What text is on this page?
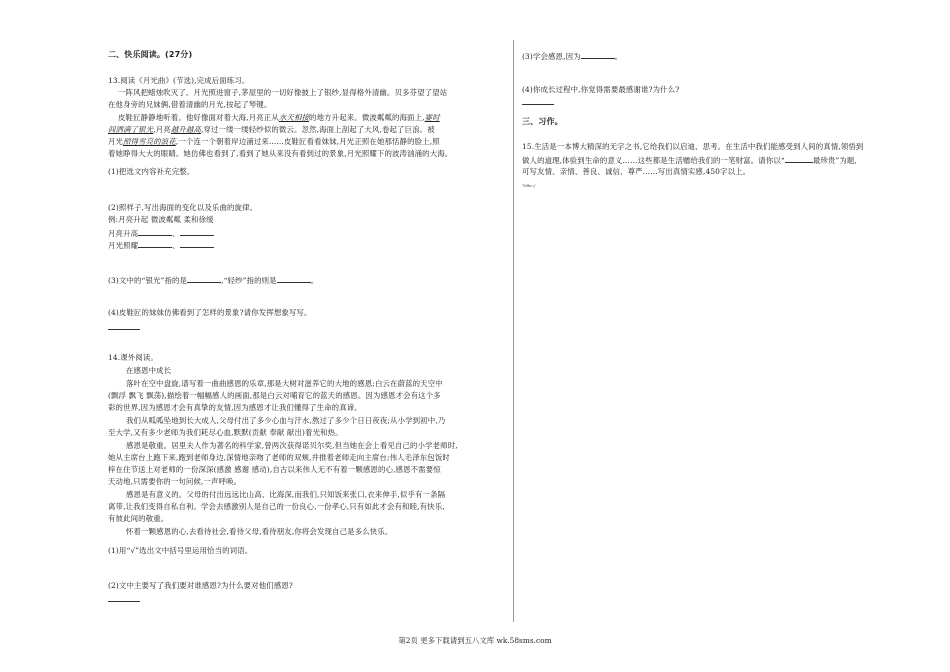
二、快乐阅读。(27分)
13.阅读《月光曲》(节选),完成后面练习。
一阵风把蜡烛吹灭了。月光照进窗子,茅屋里的一切好像披上了银纱,显得格外清幽。贝多芬望了望站
在他身旁的兄妹俩,借着清幽的月光,按起了琴键。
皮鞋匠静静地听着。他好像面对着大海,月亮正从水天相接的地方升起来。微波粼粼的海面上,霎时
间洒满了银光,月亮越升越高,穿过一缕一缕轻纱似的微云。忽然,海面上刮起了大风,卷起了巨浪。被
月光照得雪亮的浪花,一个连一个朝着岸边涌过来……皮鞋匠看看妹妹,月光正照在她那恬静的脸上,照
着她睁得大大的眼睛。她仿佛也看到了,看到了她从来没有看到过的景象,月光照耀下的波涛汹涌的大海。
(1)把选文内容补充完整。
(2)照样子,写出海面的变化以及乐曲的旋律。
例:月亮升起 微波粼粼 柔和徐缓
月亮升高	、
月光照耀	、
(3)文中的“银光”指的是	,“轻纱”指的则是	。
(4)皮鞋匠的妹妹仿佛看到了怎样的景象?请你发挥想象写写。
14.课外阅读。
在感恩中成长
落叶在空中盘旋,谱写着一曲曲感恩的乐章,那是大树对滋养它的大地的感恩;白云在蔚蓝的天空中
(飘浮 飘飞 飘荡),描绘着一幅幅感人的画面,那是白云对哺育它的蓝天的感恩。因为感恩才会有这个多
彩的世界,因为感恩才会有真挚的友情,因为感恩才让我们懂得了生命的真谛。
我们从呱呱坠地到长大成人,父母付出了多少心血与汗水,熬过了多少个日日夜夜;从小学到初中,乃
至大学,又有多少老师为我们耗尽心血,默默(贡献 奉献 献出)着光和热。
感恩是敬重。居里夫人作为著名的科学家,曾两次获得诺贝尔奖,但当她在会上看见自己的小学老师时,
她从主席台上跑下来,跑到老师身边,深情地亲吻了老师的双颊,并推着老师走向主席台;伟人毛泽东包饭时
梓在住节送上对老师的一份深深(感激 感谢 感动),自古以来伟人无不有着一颗感恩的心,感恩不需要惊
天动地,只需要你的一句问候,一声呼唤。
感恩是有意义的。父母的付出远远比山高、比海深,而我们,只知饭来张口,衣来伸手,似乎有一条隔
离带,让我们变得自私自利。学会去感激别人是自己的一份良心,一份孝心,只有如此才会有和睦,有快乐,
有彼此间的敬重。
怀着一颗感恩的心,去看待社会,看待父母,看待朋友,你将会发现自己是多么快乐。
(1)用“√”选出文中括号里运用恰当的词语。
(2)文中主要写了我们要对谁感恩?为什么要对他们感恩?
(3)学会感恩,因为	。
(4)你成长过程中,你觉得需要最感谢谁?为什么?
三、习作。
15.生活是一本博大精深的无字之书,它给我们以启迪、思考。在生活中我们能感受到人间的真情,领悟到
做人的道理,体验到生命的意义……这些都是生活赠给我们的一笔财富。请你以“	最珍贵”为题,
可写友情、亲情、善良、诚信、尊严……写出真情实感,450字以上。
78fbc://
第2页 更多下载请到五八文库 wk.58sms.com
